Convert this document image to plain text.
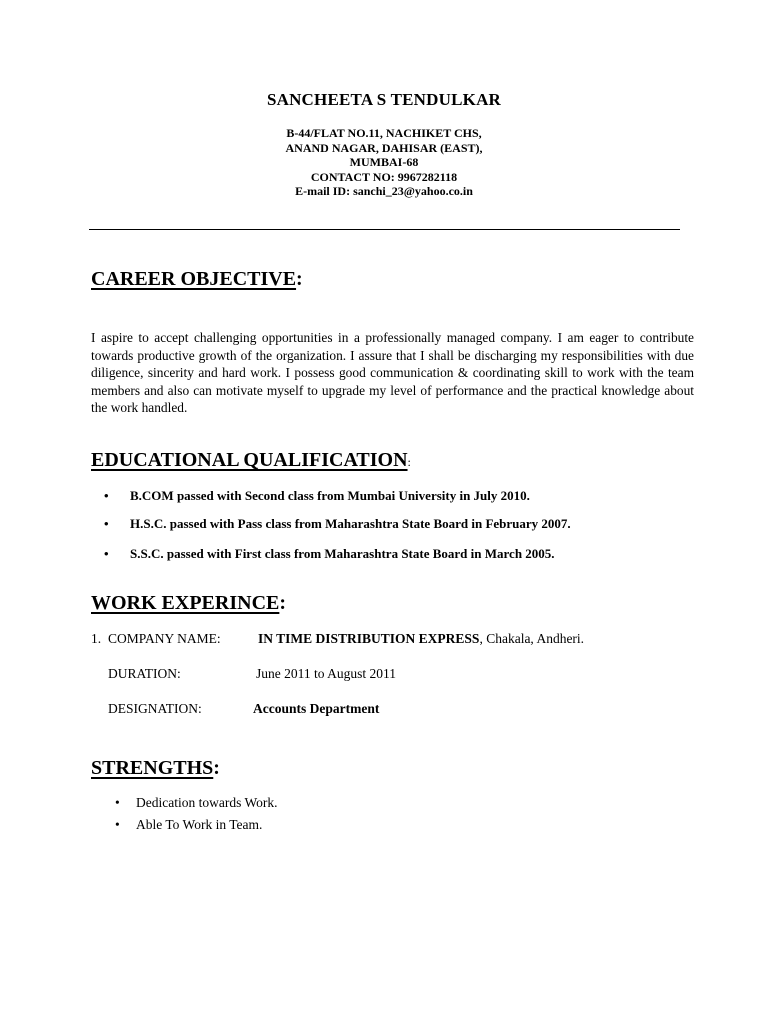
SANCHEETA S TENDULKAR
B-44/FLAT NO.11, NACHIKET CHS,
ANAND NAGAR, DAHISAR (EAST),
MUMBAI-68
CONTACT NO: 9967282118
E-mail ID: sanchi_23@yahoo.co.in
CAREER OBJECTIVE:
I aspire to accept challenging opportunities in a professionally managed company. I am eager to contribute towards productive growth of the organization. I assure that I shall be discharging my responsibilities with due diligence, sincerity and hard work. I possess good communication & coordinating skill to work with the team members and also can motivate myself to upgrade my level of performance and the practical knowledge about the work handled.
EDUCATIONAL QUALIFICATION:
• B.COM passed with Second class from Mumbai University in July 2010.
• H.S.C. passed with Pass class from Maharashtra State Board in February 2007.
• S.S.C. passed with First class from Maharashtra State Board in March 2005.
WORK EXPERINCE:
1. COMPANY NAME:	IN TIME DISTRIBUTION EXPRESS, Chakala, Andheri.
DURATION:	June 2011 to August 2011
DESIGNATION:	Accounts Department
STRENGTHS:
• Dedication towards Work.
• Able To Work in Team.
